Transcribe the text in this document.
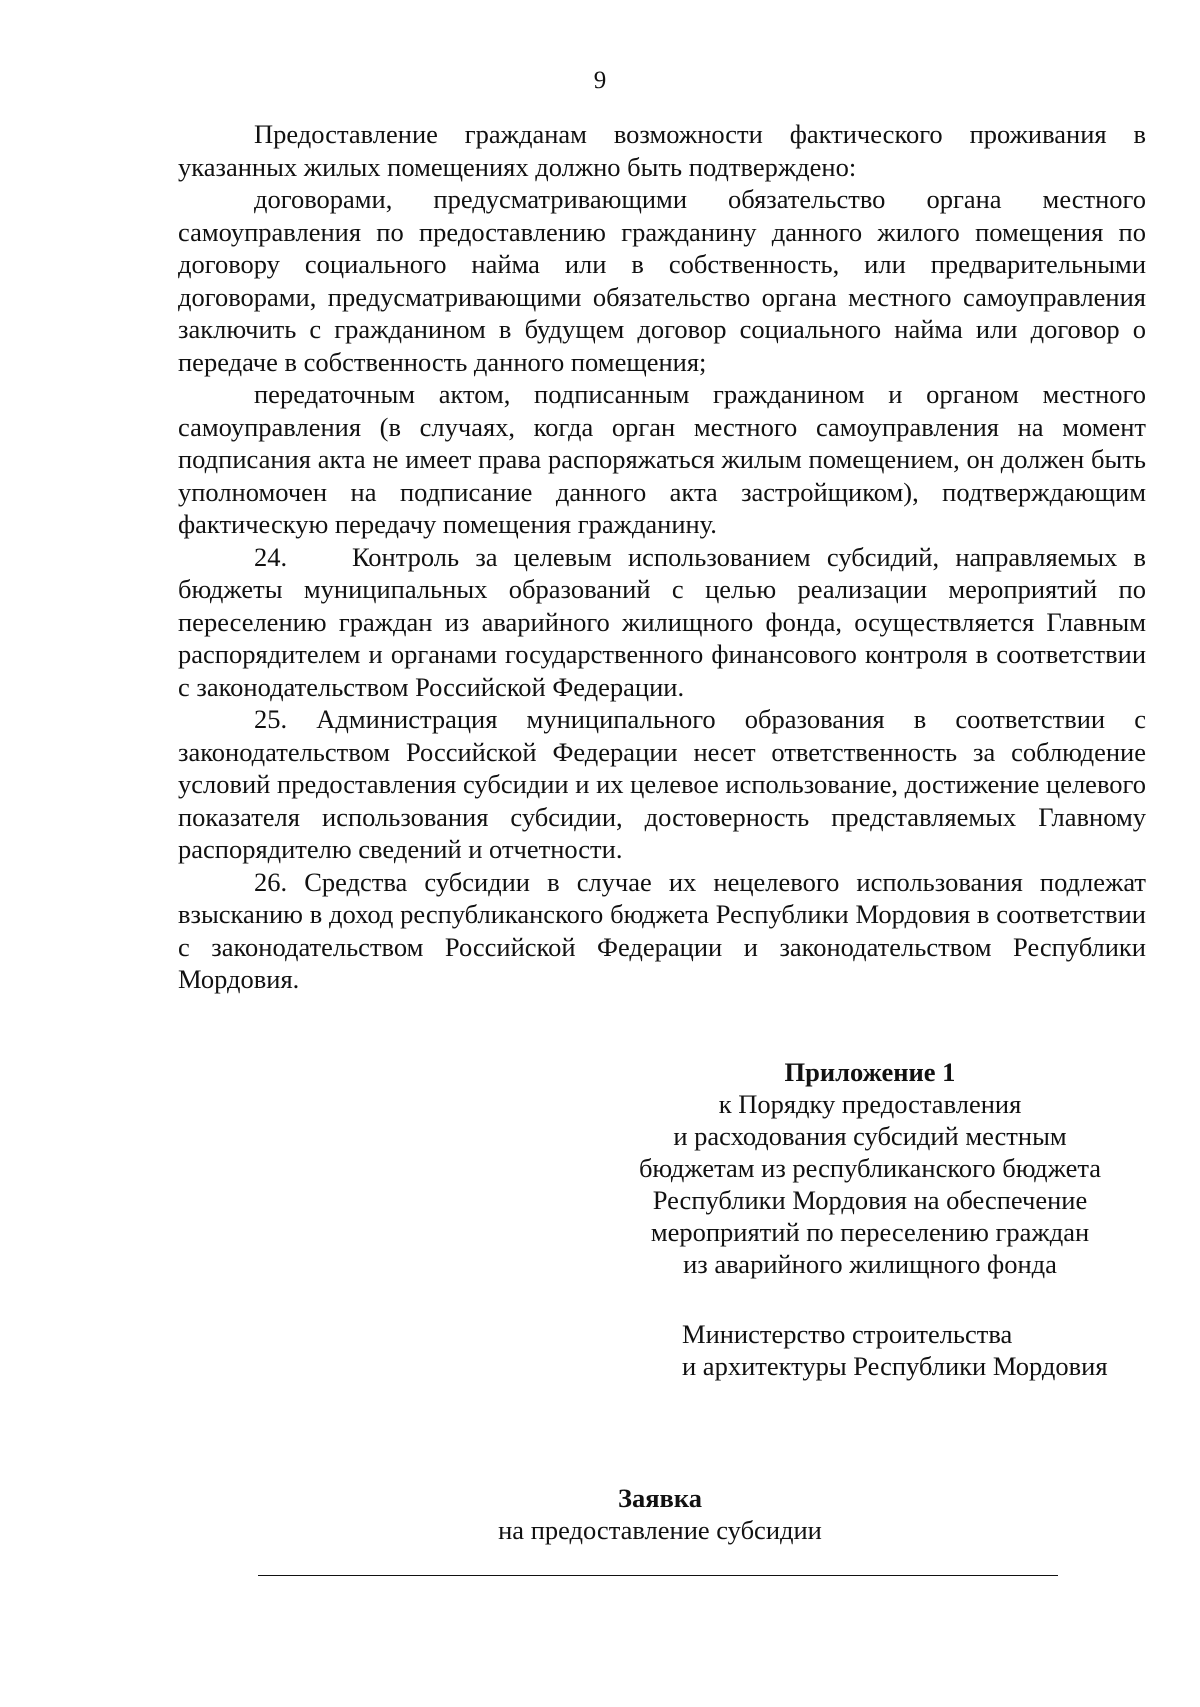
9

Предоставление гражданам возможности фактического проживания в указанных жилых помещениях должно быть подтверждено:

договорами, предусматривающими обязательство органа местного самоуправления по предоставлению гражданину данного жилого помещения по договору социального найма или в собственность, или предварительными договорами, предусматривающими обязательство органа местного самоуправления заключить с гражданином в будущем договор социального найма или договор о передаче в собственность данного помещения;

передаточным актом, подписанным гражданином и органом местного самоуправления (в случаях, когда орган местного самоуправления на момент подписания акта не имеет права распоряжаться жилым помещением, он должен быть уполномочен на подписание данного акта застройщиком), подтверждающим фактическую передачу помещения гражданину.

24.    Контроль за целевым использованием субсидий, направляемых в бюджеты муниципальных образований с целью реализации мероприятий по переселению граждан из аварийного жилищного фонда, осуществляется Главным распорядителем и органами государственного финансового контроля в соответствии с законодательством Российской Федерации.

25. Администрация муниципального образования в соответствии с законодательством Российской Федерации несет ответственность за соблюдение условий предоставления субсидии и их целевое использование, достижение целевого показателя использования субсидии, достоверность представляемых Главному распорядителю сведений и отчетности.

26. Средства субсидии в случае их нецелевого использования подлежат взысканию в доход республиканского бюджета Республики Мордовия в соответствии с законодательством Российской Федерации и законодательством Республики Мордовия.

Приложение 1
к Порядку предоставления
и расходования субсидий местным
бюджетам из республиканского бюджета
Республики Мордовия на обеспечение
мероприятий по переселению граждан
из аварийного жилищного фонда
Министерство строительства
и архитектуры Республики Мордовия
Заявка
на предоставление субсидии
